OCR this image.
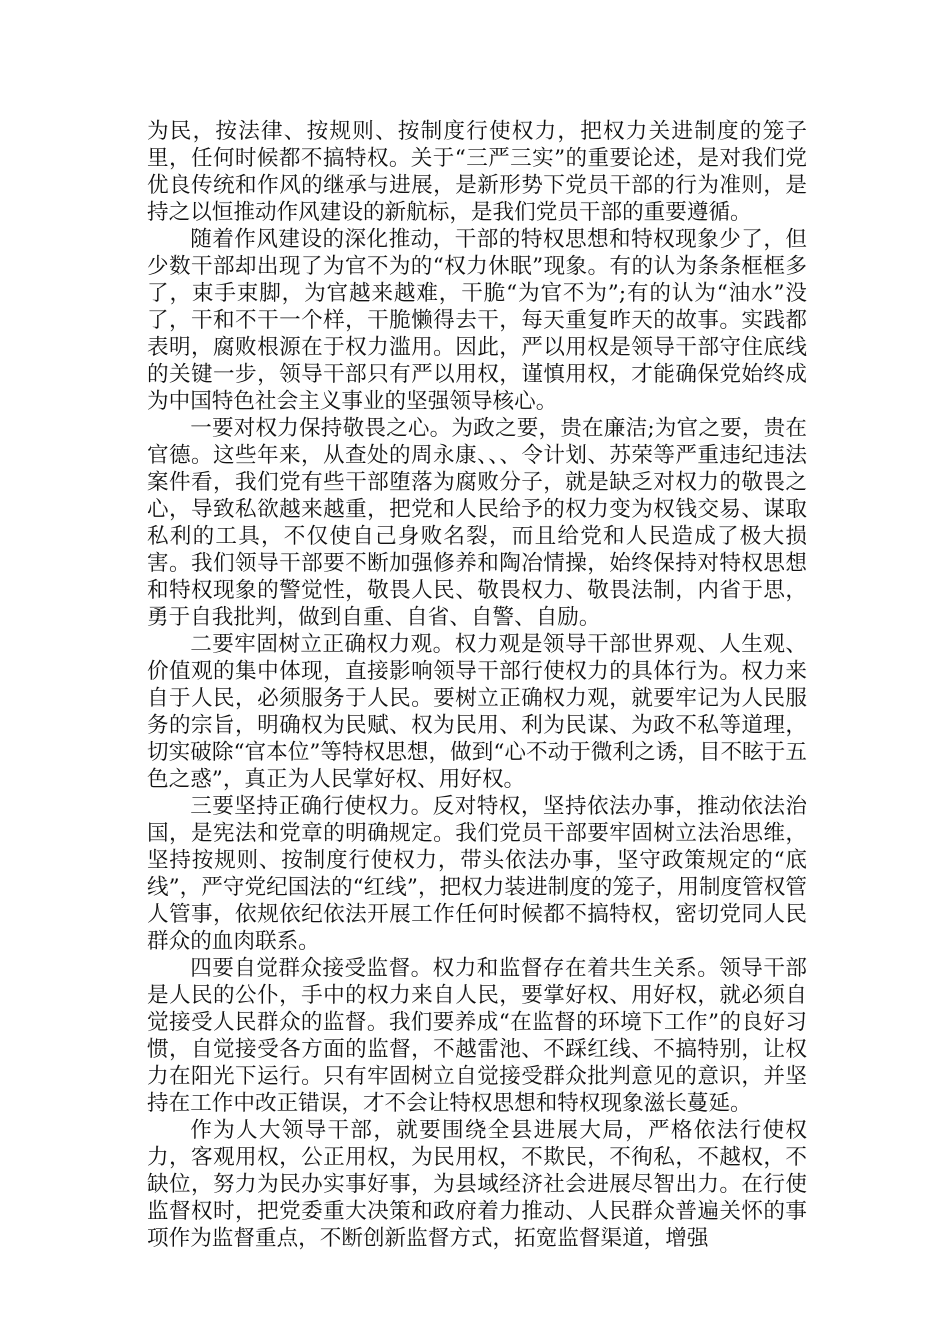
为民，按法律、按规则、按制度行使权力，把权力关进制度的笼子里，任何时候都不搞特权。关于“三严三实”的重要论述，是对我们党优良传统和作风的继承与进展，是新形势下党员干部的行为准则，是持之以恒推动作风建设的新航标，是我们党员干部的重要遵循。

随着作风建设的深化推动，干部的特权思想和特权现象少了，但少数干部却出现了为官不为的“权力休眠”现象。有的认为条条框框多了，束手束脚，为官越来越难，干脆“为官不为”;有的认为“油水”没了，干和不干一个样，干脆懒得去干，每天重复昨天的故事。实践都表明，腐败根源在于权力滥用。因此，严以用权是领导干部守住底线的关键一步，领导干部只有严以用权，谨慎用权，才能确保党始终成为中国特色社会主义事业的坚强领导核心。

一要对权力保持敬畏之心。为政之要，贵在廉洁;为官之要，贵在官德。这些年来，从查处的周永康、、、令计划、苏荣等严重违纪违法案件看，我们党有些干部堕落为腐败分子，就是缺乏对权力的敬畏之心，导致私欲越来越重，把党和人民给予的权力变为权钱交易、谋取私利的工具，不仅使自己身败名裂，而且给党和人民造成了极大损害。我们领导干部要不断加强修养和陶冶情操，始终保持对特权思想和特权现象的警觉性，敬畏人民、敬畏权力、敬畏法制，内省于思，勇于自我批判，做到自重、自省、自警、自励。

二要牢固树立正确权力观。权力观是领导干部世界观、人生观、价值观的集中体现，直接影响领导干部行使权力的具体行为。权力来自于人民，必须服务于人民。要树立正确权力观，就要牢记为人民服务的宗旨，明确权为民赋、权为民用、利为民谋、为政不私等道理，切实破除“官本位”等特权思想，做到“心不动于微利之诱，目不眩于五色之惑”，真正为人民掌好权、用好权。

三要坚持正确行使权力。反对特权，坚持依法办事，推动依法治国，是宪法和党章的明确规定。我们党员干部要牢固树立法治思维，坚持按规则、按制度行使权力，带头依法办事，坚守政策规定的“底线”，严守党纪国法的“红线”，把权力装进制度的笼子，用制度管权管人管事，依规依纪依法开展工作任何时候都不搞特权，密切党同人民群众的血肉联系。

四要自觉群众接受监督。权力和监督存在着共生关系。领导干部是人民的公仆，手中的权力来自人民，要掌好权、用好权，就必须自觉接受人民群众的监督。我们要养成“在监督的环境下工作”的良好习惯，自觉接受各方面的监督，不越雷池、不踩红线、不搞特别，让权力在阳光下运行。只有牢固树立自觉接受群众批判意见的意识，并坚持在工作中改正错误，才不会让特权思想和特权现象滋长蔓延。

作为人大领导干部，就要围绕全县进展大局，严格依法行使权力，客观用权，公正用权，为民用权，不欺民，不徇私，不越权，不缺位，努力为民办实事好事，为县域经济社会进展尽智出力。在行使监督权时，把党委重大决策和政府着力推动、人民群众普遍关怀的事项作为监督重点，不断创新监督方式，拓宽监督渠道，增强
